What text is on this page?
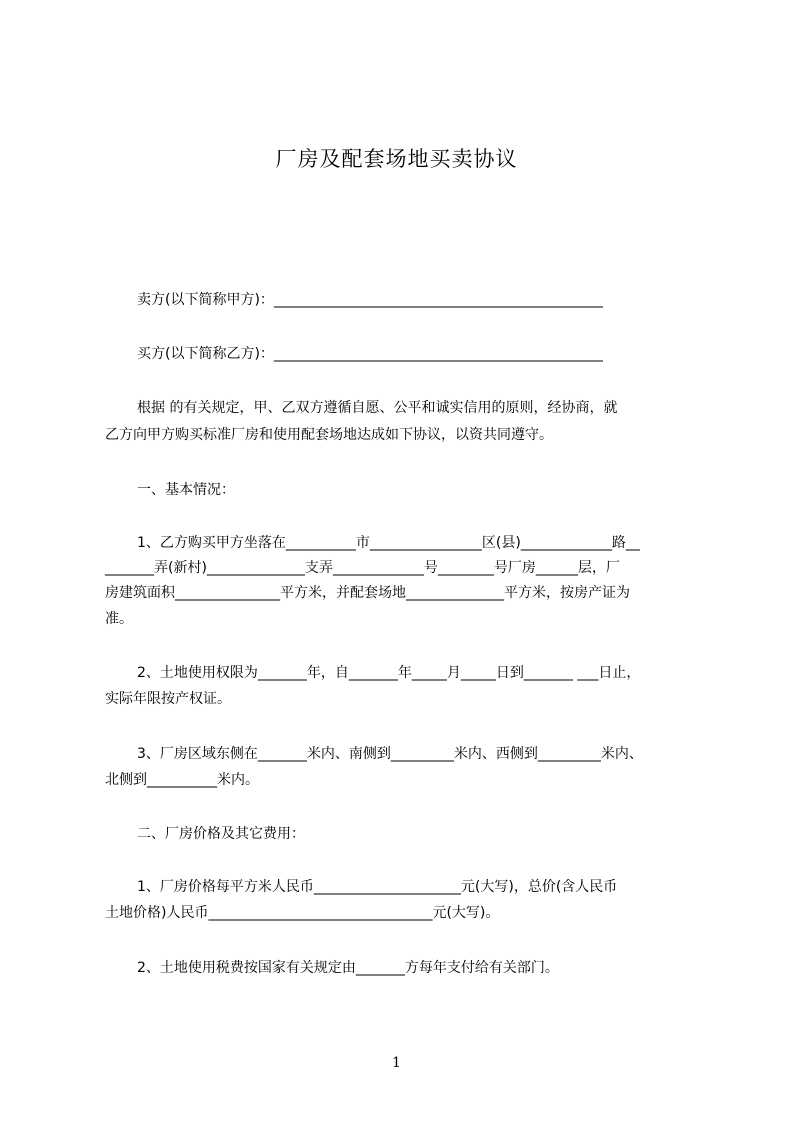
厂房及配套场地买卖协议
卖方(以下简称甲方)：_______________________________________________
买方(以下简称乙方)：_______________________________________________
根据 的有关规定，甲、乙双方遵循自愿、公平和诚实信用的原则，经协商，就
乙方向甲方购买标准厂房和使用配套场地达成如下协议，以资共同遵守。
一、基本情况：
1、乙方购买甲方坐落在__________市________________区(县)_____________路__
_______弄(新村)______________支弄_____________号________号厂房______层，厂
房建筑面积_______________平方米，并配套场地______________平方米，按房产证为
准。
2、土地使用权限为_______年，自_______年_____月_____日到_______ ___日止，
实际年限按产权证。
3、厂房区域东侧在_______米内、南侧到_________米内、西侧到_________米内、
北侧到__________米内。
二、厂房价格及其它费用：
1、厂房价格每平方米人民币_____________________元(大写)，总价(含人民币
土地价格)人民币________________________________元(大写)。
2、土地使用税费按国家有关规定由_______方每年支付给有关部门。
1
